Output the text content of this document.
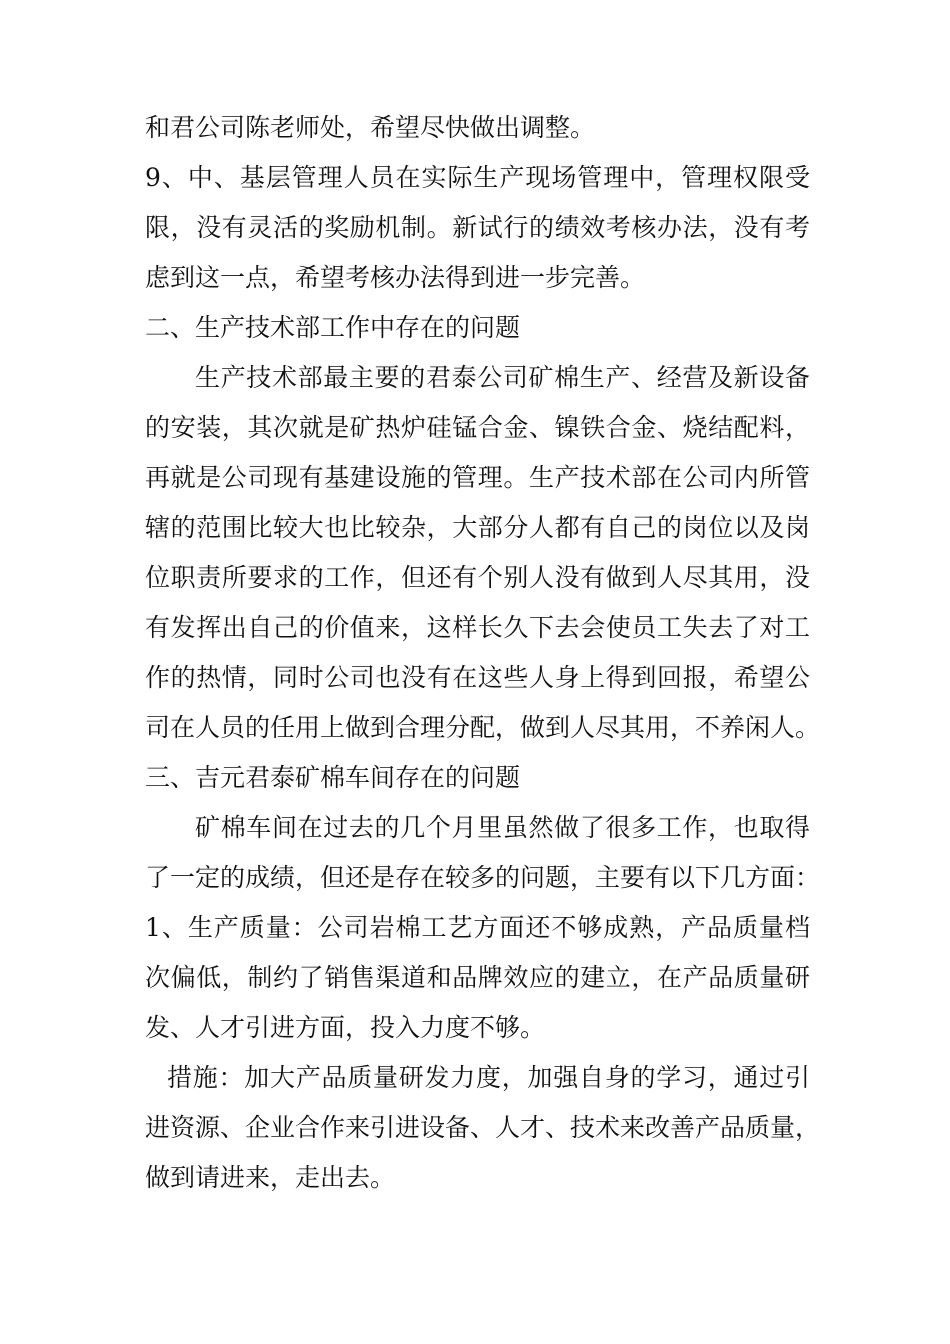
和君公司陈老师处，希望尽快做出调整。
9、中、基层管理人员在实际生产现场管理中，管理权限受
限，没有灵活的奖励机制。新试行的绩效考核办法，没有考
虑到这一点，希望考核办法得到进一步完善。
二、生产技术部工作中存在的问题
生产技术部最主要的君泰公司矿棉生产、经营及新设备
的安装，其次就是矿热炉硅锰合金、镍铁合金、烧结配料，
再就是公司现有基建设施的管理。生产技术部在公司内所管
辖的范围比较大也比较杂，大部分人都有自己的岗位以及岗
位职责所要求的工作，但还有个别人没有做到人尽其用，没
有发挥出自己的价值来，这样长久下去会使员工失去了对工
作的热情，同时公司也没有在这些人身上得到回报，希望公
司在人员的任用上做到合理分配，做到人尽其用，不养闲人。
三、吉元君泰矿棉车间存在的问题
矿棉车间在过去的几个月里虽然做了很多工作，也取得
了一定的成绩，但还是存在较多的问题，主要有以下几方面：
1、生产质量：公司岩棉工艺方面还不够成熟，产品质量档
次偏低，制约了销售渠道和品牌效应的建立，在产品质量研
发、人才引进方面，投入力度不够。
措施：加大产品质量研发力度，加强自身的学习，通过引
进资源、企业合作来引进设备、人才、技术来改善产品质量，
做到请进来，走出去。
